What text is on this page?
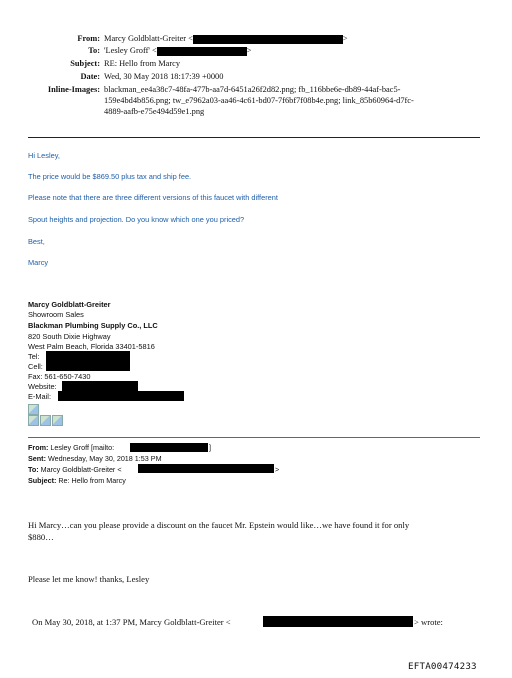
From: Marcy Goldblatt-Greiter <	>
To: 'Lesley Groff' <	>
Subject: RE: Hello from Marcy
Date: Wed, 30 May 2018 18:17:39 +0000
Inline-Images: blackman_ee4a38c7-48fa-477b-aa7d-6451a26f2d82.png; fb_116bbe6e-db89-44af-bac5-
159e4bd4b856.png; tw_e7962a03-aa46-4c61-bd07-7f6bf7f08b4e.png; link_85b60964-d7fc-
4889-aafb-e75e494d59e1.png
Hi Lesley,
The price would be $869.50 plus tax and ship fee.
Please note that there are three different versions of this faucet with different
Spout heights and projection. Do you know which one you priced?
Best,
Marcy
Marcy Goldblatt-Greiter
Showroom Sales
Blackman Plumbing Supply Co., LLC
820 South Dixie Highway
West Palm Beach, Florida 33401-5816
Tel:
Cell:
Fax: 561-650-7430
Website:
E-Mail:

From: Lesley Groff [mailto:	]
Sent: Wednesday, May 30, 2018 1:53 PM
To: Marcy Goldblatt-Greiter <	>
Subject: Re: Hello from Marcy
Hi Marcy…can you please provide a discount on the faucet Mr. Epstein would like…we have found it for only
$880…
Please let me know! thanks, Lesley
On May 30, 2018, at 1:37 PM, Marcy Goldblatt-Greiter <	> wrote:
EFTA00474233
